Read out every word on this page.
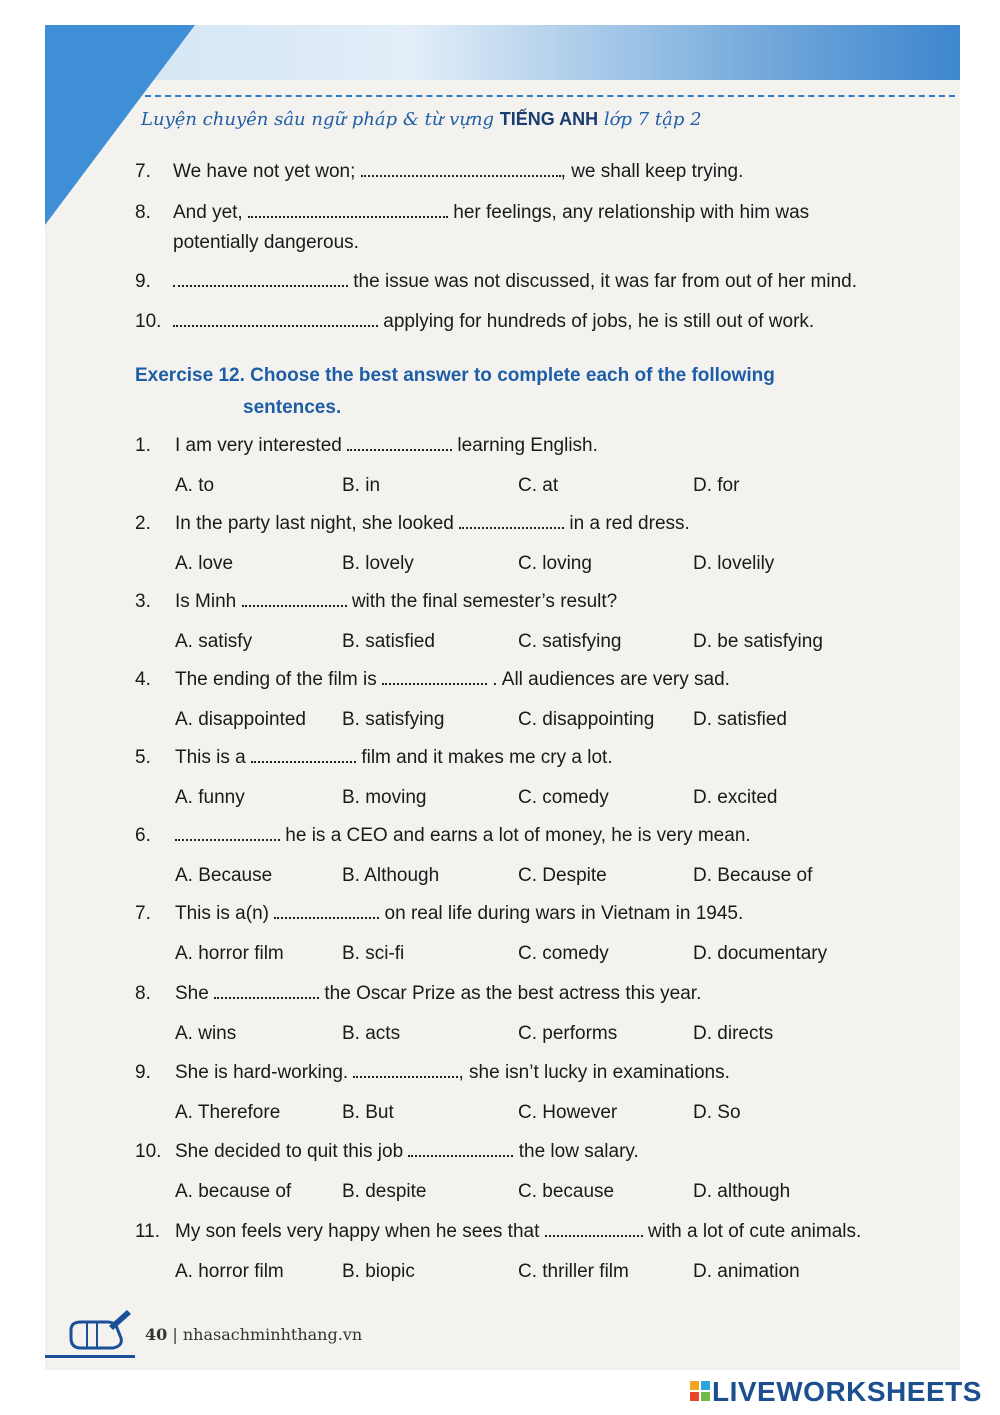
Luyện chuyên sâu ngữ pháp & từ vựng TIẾNG ANH lớp 7 tập 2
7. We have not yet won;	, we shall keep trying.
8. And yet,	her feelings, any relationship with him was
potentially dangerous.
9.	the issue was not discussed, it was far from out of her mind.
10.	applying for hundreds of jobs, he is still out of work.
Exercise 12. Choose the best answer to complete each of the following
sentences.
1. I am very interested	learning English.
A. to	B. in	C. at	D. for
2. In the party last night, she looked	in a red dress.
A. love	B. lovely	C. loving	D. lovelily
3. Is Minh	with the final semester’s result?
A. satisfy	B. satisfied	C. satisfying	D. be satisfying
4. The ending of the film is	. All audiences are very sad.
A. disappointed B. satisfying	C. disappointing D. satisfied
5. This is a	film and it makes me cry a lot.
A. funny	B. moving	C. comedy	D. excited
6.	he is a CEO and earns a lot of money, he is very mean.
A. Because	B. Although	C. Despite	D. Because of
7. This is a(n)	on real life during wars in Vietnam in 1945.
A. horror film	B. sci-fi	C. comedy	D. documentary
8. She	the Oscar Prize as the best actress this year.
A. wins	B. acts	C. performs	D. directs
9. She is hard-working.	, she isn’t lucky in examinations.
A. Therefore	B. But	C. However	D. So
10. She decided to quit this job	the low salary.
A. because of	B. despite	C. because	D. although
11. My son feels very happy when he sees that	with a lot of cute animals.
A. horror film	B. biopic	C. thriller film	D. animation
40 | nhasachminhthang.vn
LIVEWORKSHEETS
